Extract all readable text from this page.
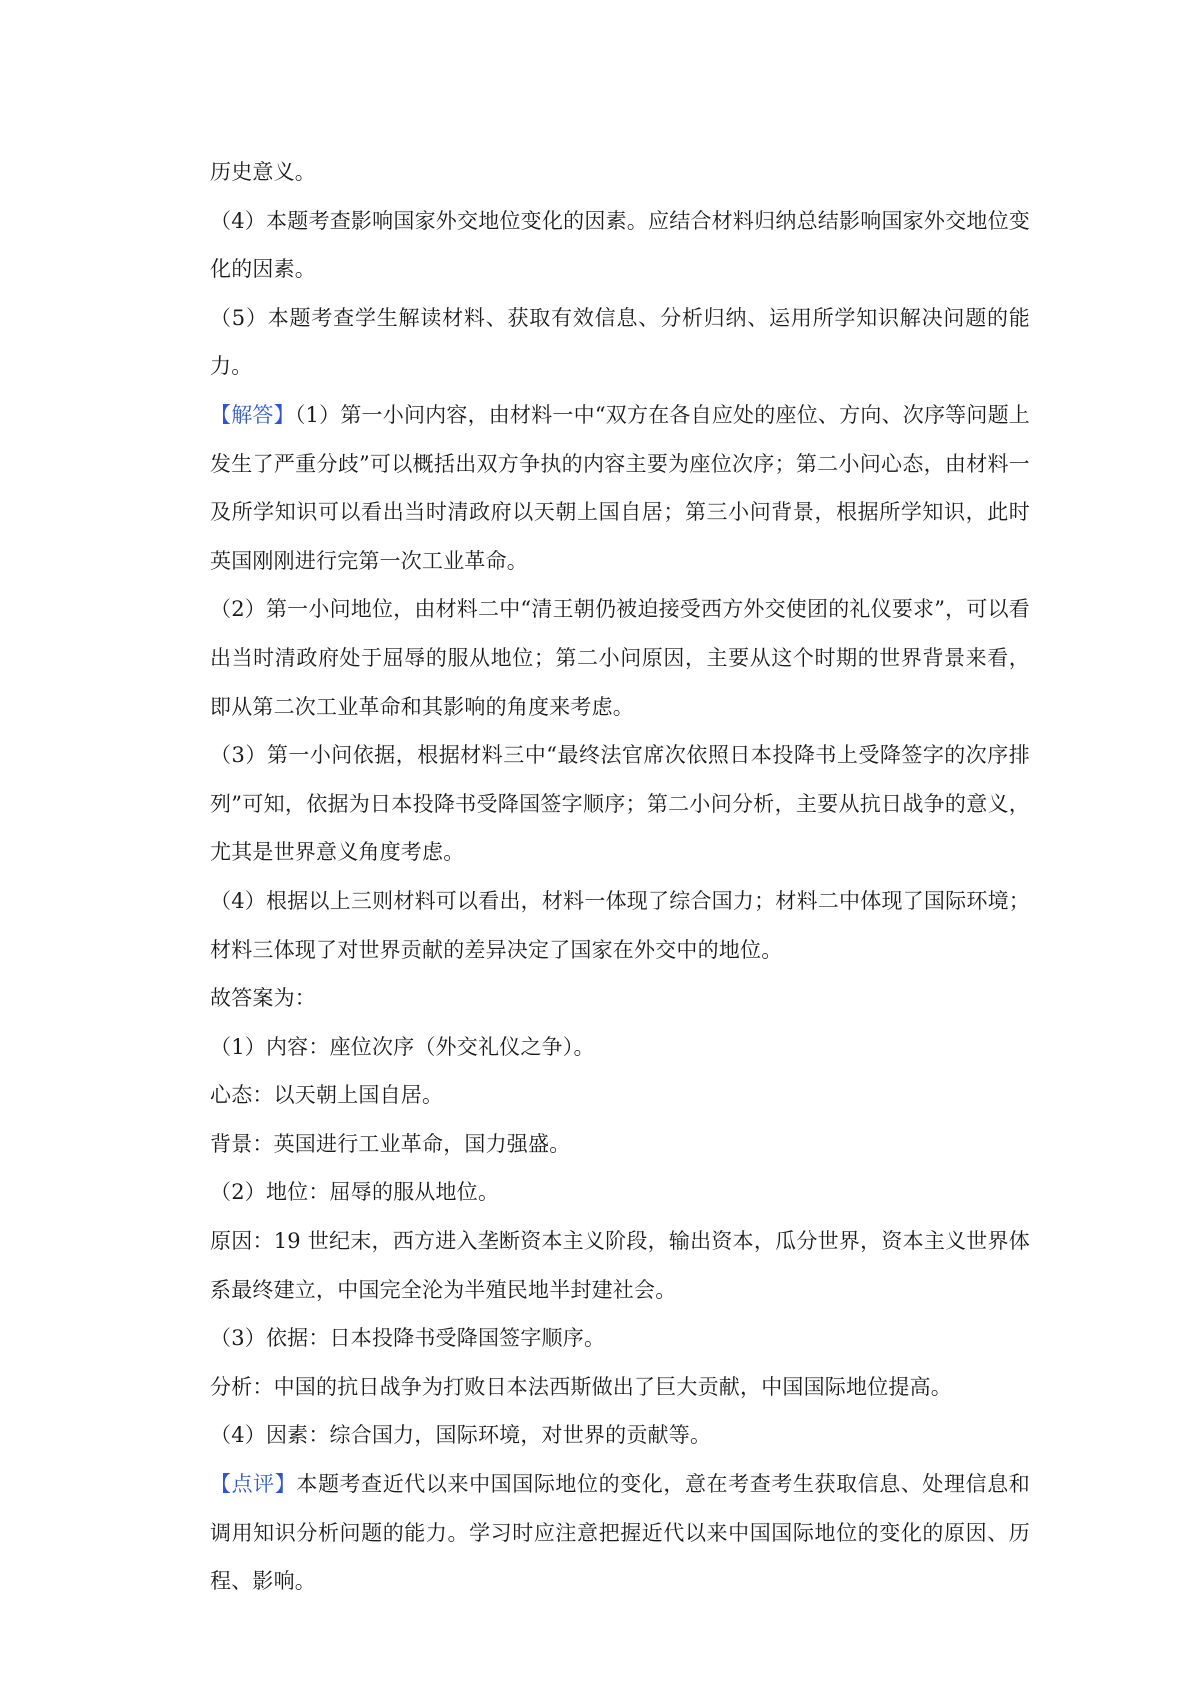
历史意义。

（4）本题考查影响国家外交地位变化的因素。应结合材料归纳总结影响国家外交地位变化的因素。

（5）本题考查学生解读材料、获取有效信息、分析归纳、运用所学知识解决问题的能力。

【解答】（1）第一小问内容，由材料一中“双方在各自应处的座位、方向、次序等问题上发生了严重分歧”可以概括出双方争执的内容主要为座位次序；第二小问心态，由材料一及所学知识可以看出当时清政府以天朝上国自居；第三小问背景，根据所学知识，此时英国刚刚进行完第一次工业革命。

（2）第一小问地位，由材料二中“清王朝仍被迫接受西方外交使团的礼仪要求”，可以看出当时清政府处于屈辱的服从地位；第二小问原因，主要从这个时期的世界背景来看，即从第二次工业革命和其影响的角度来考虑。

（3）第一小问依据，根据材料三中“最终法官席次依照日本投降书上受降签字的次序排列”可知，依据为日本投降书受降国签字顺序；第二小问分析，主要从抗日战争的意义，尤其是世界意义角度考虑。

（4）根据以上三则材料可以看出，材料一体现了综合国力；材料二中体现了国际环境；材料三体现了对世界贡献的差异决定了国家在外交中的地位。

故答案为：

（1）内容：座位次序（外交礼仪之争）。

心态：以天朝上国自居。

背景：英国进行工业革命，国力强盛。

（2）地位：屈辱的服从地位。

原因：19 世纪末，西方进入垄断资本主义阶段，输出资本，瓜分世界，资本主义世界体系最终建立，中国完全沦为半殖民地半封建社会。

（3）依据：日本投降书受降国签字顺序。

分析：中国的抗日战争为打败日本法西斯做出了巨大贡献，中国国际地位提高。

（4）因素：综合国力，国际环境，对世界的贡献等。

【点评】本题考查近代以来中国国际地位的变化，意在考查考生获取信息、处理信息和调用知识分析问题的能力。学习时应注意把握近代以来中国国际地位的变化的原因、历程、影响。
